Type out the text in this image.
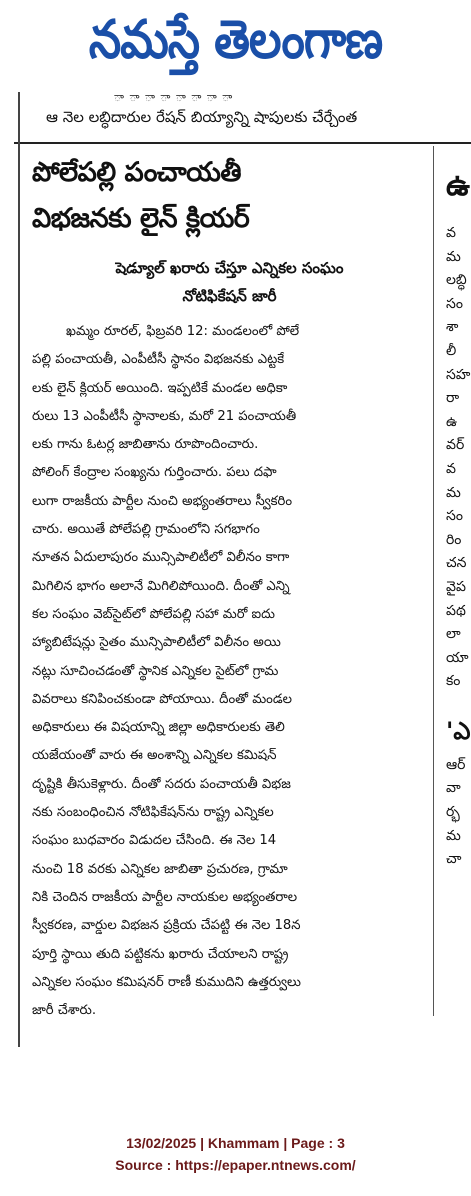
నమస్తే తెలంగాణ
ా ా ా ా ా ా ా ా
ఆ నెల లబ్ధిదారుల రేషన్ బియ్యాన్ని షాపులకు చేర్చేంత
పోలేపల్లి పంచాయతీ
విభజనకు లైన్ క్లియర్
షెడ్యూల్ ఖరారు చేస్తూ ఎన్నికల సంఘం
నోటిఫికేషన్ జారీ
ఖమ్మం రూరల్, ఫిబ్రవరి 12: మండలంలో పోలే
పల్లి పంచాయతీ, ఎంపీటీసీ స్థానం విభజనకు ఎట్టకే
లకు లైన్ క్లియర్ అయింది. ఇప్పటికే మండల అధికా
రులు 13 ఎంపీటీసీ స్థానాలకు, మరో 21 పంచాయతీ
లకు గాను ఓటర్ల జాబితాను రూపొందించారు.
పోలింగ్ కేంద్రాల సంఖ్యను గుర్తించారు. పలు దఫా
లుగా రాజకీయ పార్టీల నుంచి అభ్యంతరాలు స్వీకరిం
చారు. అయితే పోలేపల్లి గ్రామంలోని సగభాగం
నూతన ఏదులాపురం మున్సిపాలిటీలో విలీనం కాగా
మిగిలిన భాగం అలానే మిగిలిపోయింది. దీంతో ఎన్ని
కల సంఘం వెబ్‌సైట్‌లో పోలేపల్లి సహా మరో ఐదు
హ్యాబిటేషన్లు సైతం మున్సిపాలిటీలో విలీనం అయి
నట్లు సూచించడంతో స్థానిక ఎన్నికల సైట్‌లో గ్రామ
వివరాలు కనిపించకుండా పోయాయి. దీంతో మండల
అధికారులు ఈ విషయాన్ని జిల్లా అధికారులకు తెలి
యజేయంతో వారు ఈ అంశాన్ని ఎన్నికల కమిషన్
దృష్టికి తీసుకెళ్లారు. దీంతో సదరు పంచాయతీ విభజ
నకు సంబంధించిన నోటిఫికేషన్‌ను రాష్ట్ర ఎన్నికల
సంఘం బుధవారం విడుదల చేసింది. ఈ నెల 14
నుంచి 18 వరకు ఎన్నికల జాబితా ప్రచురణ, గ్రామా
నికి చెందిన రాజకీయ పార్టీల నాయకుల అభ్యంతరాల
స్వీకరణ, వార్డుల విభజన ప్రక్రియ చేపట్టి ఈ నెల 18న
పూర్తి స్థాయి తుది పట్టికను ఖరారు చేయాలని రాష్ట్ర
ఎన్నికల సంఘం కమిషనర్ రాణీ కుముదిని ఉత్తర్వులు
జారీ చేశారు.
ఉ
వ
మ
లబ్ధి
సం
శా
లీ
సహ
రా
ఉ
వర్
వ
మ
సం
రిం
చన
వైప
పథ
లా
యా
కం
'ఎ
ఆర్
వా
ర్భ
మ
చా
13/02/2025 | Khammam | Page : 3
Source : https://epaper.ntnews.com/
